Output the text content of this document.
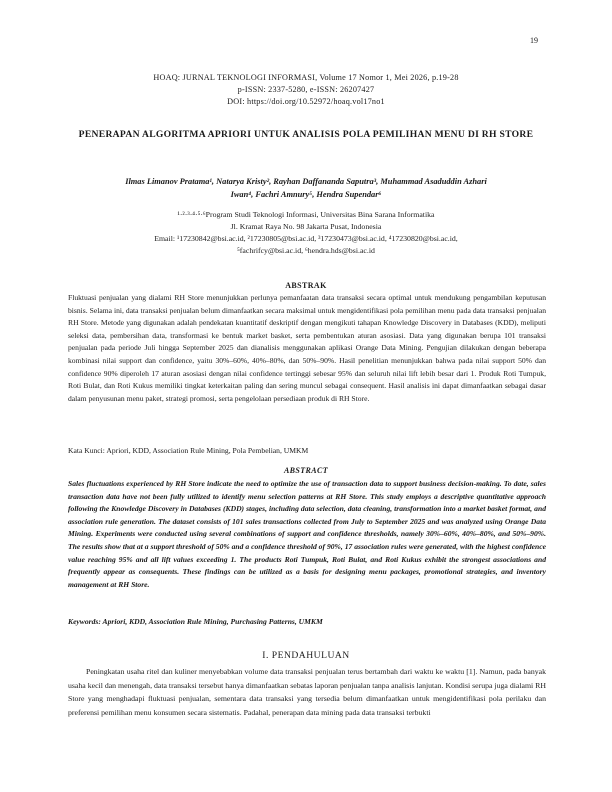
19
HOAQ: JURNAL TEKNOLOGI INFORMASI, Volume 17 Nomor 1, Mei 2026, p.19-28
p-ISSN: 2337-5280, e-ISSN: 26207427
DOI: https://doi.org/10.52972/hoaq.vol17no1
PENERAPAN ALGORITMA APRIORI UNTUK ANALISIS POLA PEMILIHAN MENU DI RH STORE
Ilmas Limanov Pratama¹, Natarya Kristy², Rayhan Daffananda Saputra³, Muhammad Asaduddin Azhari
Iwan⁴, Fachri Amnury⁵, Hendra Supendar⁶
¹·²·³·⁴·⁵·⁶Program Studi Teknologi Informasi, Universitas Bina Sarana Informatika
Jl. Kramat Raya No. 98 Jakarta Pusat, Indonesia
Email: ¹17230842@bsi.ac.id, ²17230805@bsi.ac.id, ³17230473@bsi.ac.id, ⁴17230820@bsi.ac.id,
⁵fachrifcy@bsi.ac.id, ⁶hendra.hds@bsi.ac.id
ABSTRAK
Fluktuasi penjualan yang dialami RH Store menunjukkan perlunya pemanfaatan data transaksi secara optimal untuk mendukung pengambilan keputusan bisnis. Selama ini, data transaksi penjualan belum dimanfaatkan secara maksimal untuk mengidentifikasi pola pemilihan menu pada data transaksi penjualan RH Store. Metode yang digunakan adalah pendekatan kuantitatif deskriptif dengan mengikuti tahapan Knowledge Discovery in Databases (KDD), meliputi seleksi data, pembersihan data, transformasi ke bentuk market basket, serta pembentukan aturan asosiasi. Data yang digunakan berupa 101 transaksi penjualan pada periode Juli hingga September 2025 dan dianalisis menggunakan aplikasi Orange Data Mining. Pengujian dilakukan dengan beberapa kombinasi nilai support dan confidence, yaitu 30%–60%, 40%–80%, dan 50%–90%. Hasil penelitian menunjukkan bahwa pada nilai support 50% dan confidence 90% diperoleh 17 aturan asosiasi dengan nilai confidence tertinggi sebesar 95% dan seluruh nilai lift lebih besar dari 1. Produk Roti Tumpuk, Roti Bulat, dan Roti Kukus memiliki tingkat keterkaitan paling dan sering muncul sebagai consequent. Hasil analisis ini dapat dimanfaatkan sebagai dasar dalam penyusunan menu paket, strategi promosi, serta pengelolaan persediaan produk di RH Store.
Kata Kunci: Apriori, KDD, Association Rule Mining, Pola Pembelian, UMKM
ABSTRACT
Sales fluctuations experienced by RH Store indicate the need to optimize the use of transaction data to support business decision-making. To date, sales transaction data have not been fully utilized to identify menu selection patterns at RH Store. This study employs a descriptive quantitative approach following the Knowledge Discovery in Databases (KDD) stages, including data selection, data cleaning, transformation into a market basket format, and association rule generation. The dataset consists of 101 sales transactions collected from July to September 2025 and was analyzed using Orange Data Mining. Experiments were conducted using several combinations of support and confidence thresholds, namely 30%–60%, 40%–80%, and 50%–90%. The results show that at a support threshold of 50% and a confidence threshold of 90%, 17 association rules were generated, with the highest confidence value reaching 95% and all lift values exceeding 1. The products Roti Tumpuk, Roti Bulat, and Roti Kukus exhibit the strongest associations and frequently appear as consequents. These findings can be utilized as a basis for designing menu packages, promotional strategies, and inventory management at RH Store.
Keywords: Apriori, KDD, Association Rule Mining, Purchasing Patterns, UMKM
I. PENDAHULUAN
Peningkatan usaha ritel dan kuliner menyebabkan volume data transaksi penjualan terus bertambah dari waktu ke waktu [1]. Namun, pada banyak usaha kecil dan menengah, data transaksi tersebut hanya dimanfaatkan sebatas laporan penjualan tanpa analisis lanjutan. Kondisi serupa juga dialami RH Store yang menghadapi fluktuasi penjualan, sementara data transaksi yang tersedia belum dimanfaatkan untuk mengidentifikasi pola perilaku dan preferensi pemilihan menu konsumen secara sistematis. Padahal, penerapan data mining pada data transaksi terbukti
